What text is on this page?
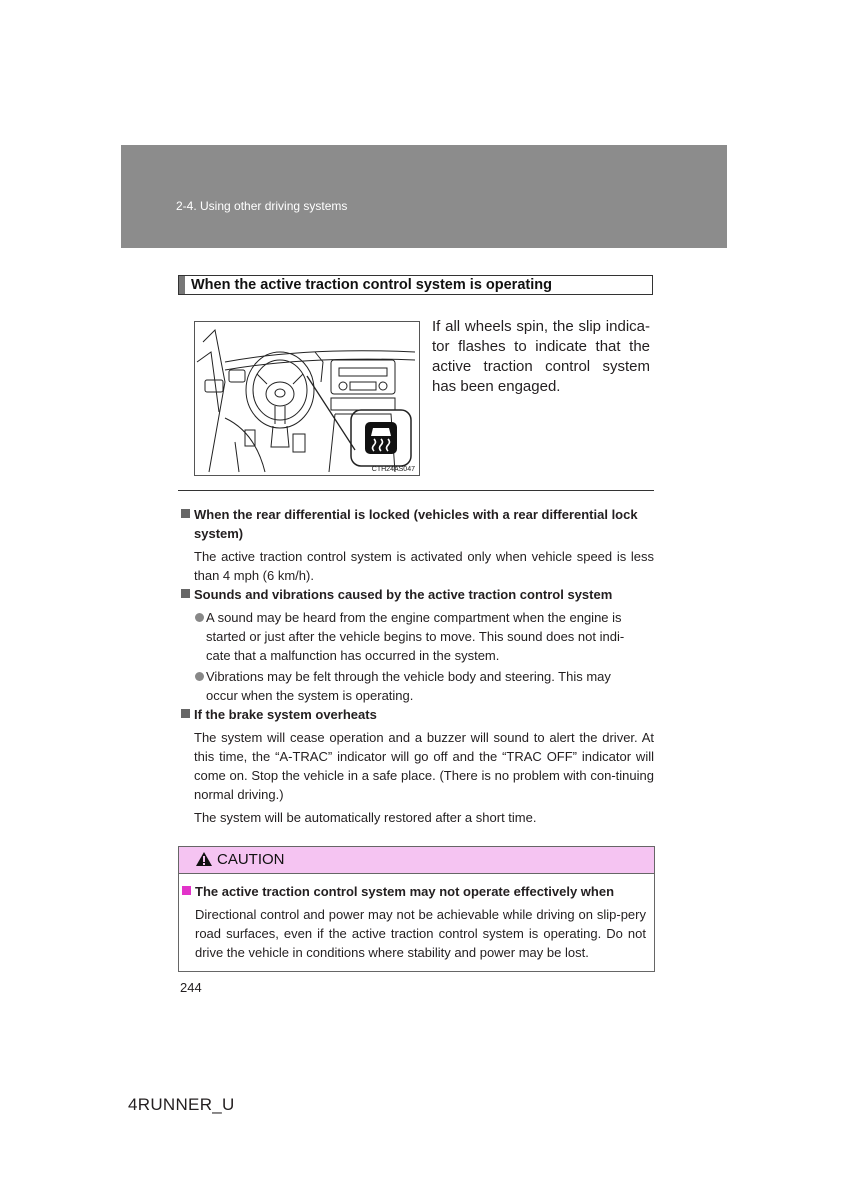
2-4. Using other driving systems
When the active traction control system is operating
CTH24AS047
If all wheels spin, the slip indica-tor flashes to indicate that the active traction control system has been engaged.
When the rear differential is locked (vehicles with a rear differential lock system)
The active traction control system is activated only when vehicle speed is less than 4 mph (6 km/h).
Sounds and vibrations caused by the active traction control system
A sound may be heard from the engine compartment when the engine is started or just after the vehicle begins to move. This sound does not indi-cate that a malfunction has occurred in the system.
Vibrations may be felt through the vehicle body and steering. This may occur when the system is operating.
If the brake system overheats
The system will cease operation and a buzzer will sound to alert the driver. At this time, the “A-TRAC” indicator will go off and the “TRAC OFF” indicator will come on. Stop the vehicle in a safe place. (There is no problem with con-tinuing normal driving.)
The system will be automatically restored after a short time.
CAUTION
The active traction control system may not operate effectively when
Directional control and power may not be achievable while driving on slip-pery road surfaces, even if the active traction control system is operating. Do not drive the vehicle in conditions where stability and power may be lost.
244
4RUNNER_U
